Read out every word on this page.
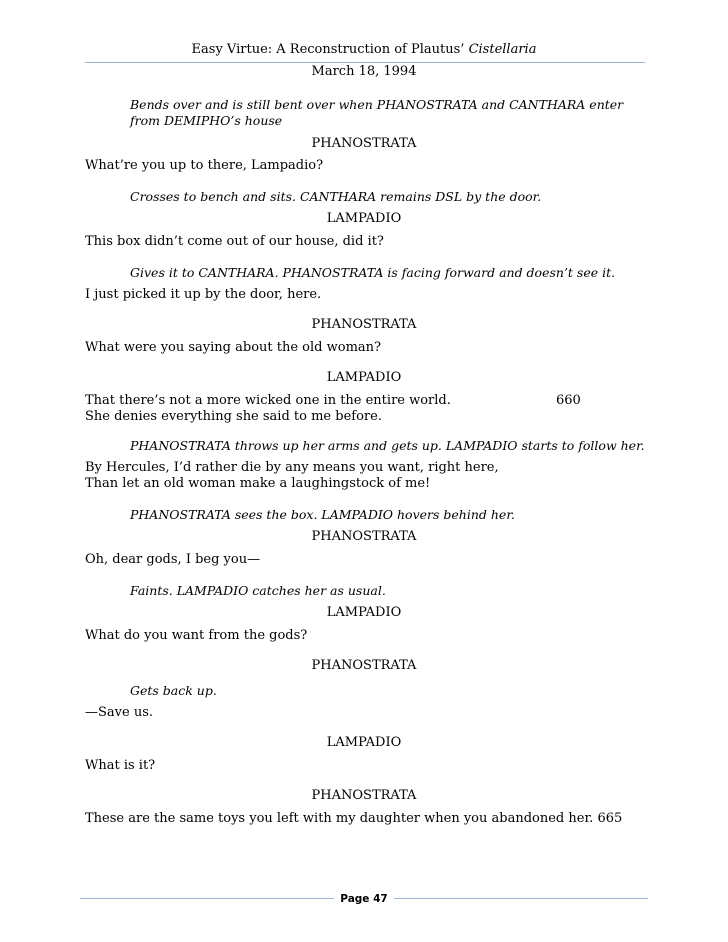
Easy Virtue: A Reconstruction of Plautus’ Cistellaria
March 18, 1994
Bends over and is still bent over when PHANOSTRATA and CANTHARA enter
from DEMIPHO’s house
PHANOSTRATA
What’re you up to there, Lampadio?
Crosses to bench and sits. CANTHARA remains DSL by the door.
LAMPADIO
This box didn’t come out of our house, did it?
Gives it to CANTHARA. PHANOSTRATA is facing forward and doesn’t see it.
I just picked it up by the door, here.
PHANOSTRATA
What were you saying about the old woman?
LAMPADIO
That there’s not a more wicked one in the entire world.	660
She denies everything she said to me before.
PHANOSTRATA throws up her arms and gets up. LAMPADIO starts to follow her.
By Hercules, I’d rather die by any means you want, right here,
Than let an old woman make a laughingstock of me!
PHANOSTRATA sees the box. LAMPADIO hovers behind her.
PHANOSTRATA
Oh, dear gods, I beg you—
Faints. LAMPADIO catches her as usual.
LAMPADIO
What do you want from the gods?
PHANOSTRATA
Gets back up.
—Save us.
LAMPADIO
What is it?
PHANOSTRATA
These are the same toys you left with my daughter when you abandoned her. 665
Page 47
